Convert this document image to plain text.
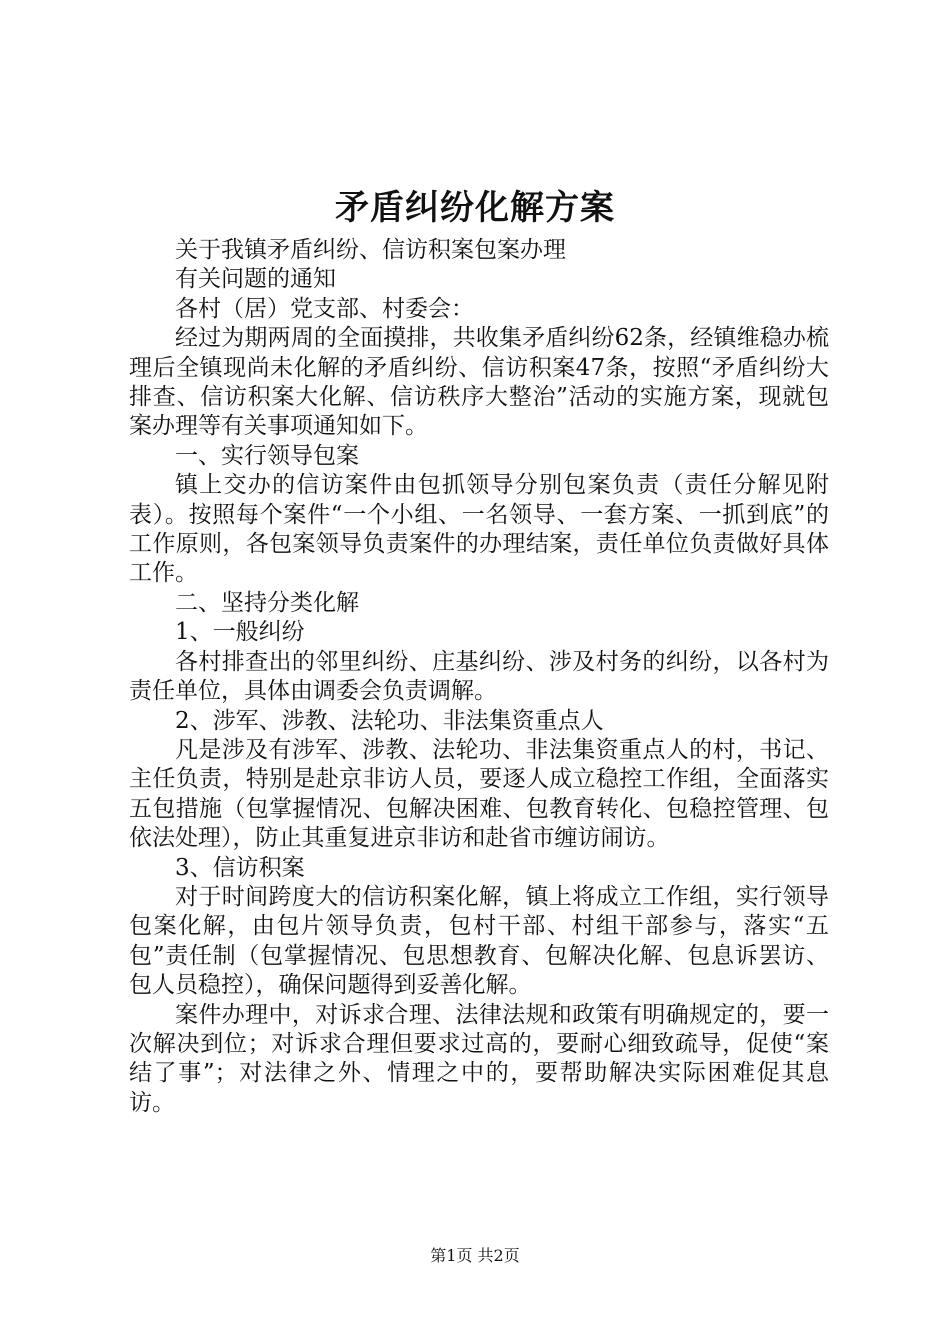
矛盾纠纷化解方案

关于我镇矛盾纠纷、信访积案包案办理

有关问题的通知

各村（居）党支部、村委会：

经过为期两周的全面摸排，共收集矛盾纠纷62条，经镇维稳办梳理后全镇现尚未化解的矛盾纠纷、信访积案47条，按照“矛盾纠纷大排查、信访积案大化解、信访秩序大整治”活动的实施方案，现就包案办理等有关事项通知如下。

一、实行领导包案

镇上交办的信访案件由包抓领导分别包案负责（责任分解见附表）。按照每个案件“一个小组、一名领导、一套方案、一抓到底”的工作原则，各包案领导负责案件的办理结案，责任单位负责做好具体工作。

二、坚持分类化解

1、一般纠纷

各村排查出的邻里纠纷、庄基纠纷、涉及村务的纠纷，以各村为责任单位，具体由调委会负责调解。

2、涉军、涉教、法轮功、非法集资重点人

凡是涉及有涉军、涉教、法轮功、非法集资重点人的村，书记、主任负责，特别是赴京非访人员，要逐人成立稳控工作组，全面落实五包措施（包掌握情况、包解决困难、包教育转化、包稳控管理、包依法处理），防止其重复进京非访和赴省市缠访闹访。

3、信访积案

对于时间跨度大的信访积案化解，镇上将成立工作组，实行领导包案化解，由包片领导负责，包村干部、村组干部参与，落实“五包”责任制（包掌握情况、包思想教育、包解决化解、包息诉罢访、包人员稳控），确保问题得到妥善化解。

案件办理中，对诉求合理、法律法规和政策有明确规定的，要一次解决到位；对诉求合理但要求过高的，要耐心细致疏导，促使“案结了事”；对法律之外、情理之中的，要帮助解决实际困难促其息访。

第1页 共2页
